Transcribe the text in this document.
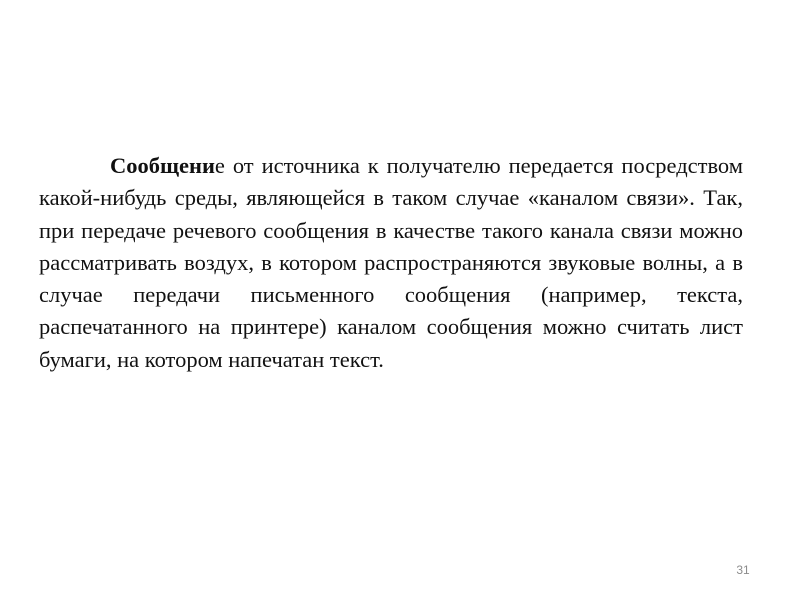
Сообщение от источника к получателю передается посредством какой-нибудь среды, являющейся в таком случае «каналом связи». Так, при передаче речевого сообщения в качестве такого канала связи можно рассматривать воздух, в котором распространяются звуковые волны, а в случае передачи письменного сообщения (например, текста, распечатанного на принтере) каналом сообщения можно считать лист бумаги, на котором напечатан текст.

31
